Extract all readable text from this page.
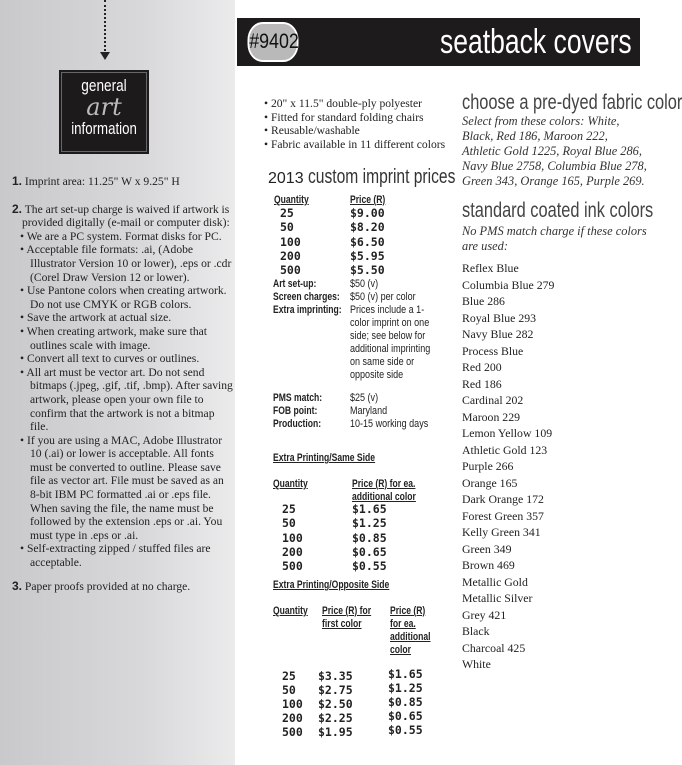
general
art
information
1. Imprint area: 11.25" W x 9.25" H
2. The art set-up charge is waived if artwork is provided digitally (e-mail or computer disk):
• We are a PC system. Format disks for PC.
• Acceptable file formats: .ai, (Adobe Illustrator Version 10 or lower), .eps or .cdr (Corel Draw Version 12 or lower).
• Use Pantone colors when creating artwork. Do not use CMYK or RGB colors.
• Save the artwork at actual size.
• When creating artwork, make sure that outlines scale with image.
• Convert all text to curves or outlines.
• All art must be vector art. Do not send bitmaps (.jpeg, .gif, .tif, .bmp). After saving artwork, please open your own file to confirm that the artwork is not a bitmap file.
• If you are using a MAC, Adobe Illustrator 10 (.ai) or lower is acceptable. All fonts must be converted to outline. Please save file as vector art. File must be saved as an 8-bit IBM PC formatted .ai or .eps file. When saving the file, the name must be followed by the extension .eps or .ai. You must type in .eps or .ai.
• Self-extracting zipped / stuffed files are acceptable.
3. Paper proofs provided at no charge.
#9402	seatback covers
• 20" x 11.5" double-ply polyester
• Fitted for standard folding chairs
• Reusable/washable
• Fabric available in 11 different colors
2013 custom imprint prices
Quantity	Price (R)
25	$9.00
50	$8.20
100	$6.50
200	$5.95
500	$5.50
Art set-up:	$50 (v)
Screen charges: $50 (v) per color
Extra imprinting: Prices include a 1-color imprint on one side; see below for additional imprinting on same side or opposite side
PMS match:	$25 (v)
FOB point:	Maryland
Production:	10-15 working days
Extra Printing/Same Side
Quantity	Price (R) for ea. additional color
25	$1.65
50	$1.25
100	$0.85
200	$0.65
500	$0.55
Extra Printing/Opposite Side
Quantity Price (R) for first color
Price (R) for ea. additional color
25 $3.35	$1.65
50 $2.75	$1.25
100 $2.50	$0.85
200 $2.25	$0.65
500 $1.95	$0.55
choose a pre-dyed fabric color
Select from these colors: White, Black, Red 186, Maroon 222, Athletic Gold 1225, Royal Blue 286, Navy Blue 2758, Columbia Blue 278, Green 343, Orange 165, Purple 269.
standard coated ink colors
No PMS match charge if these colors are used:
Reflex Blue
Columbia Blue 279
Blue 286
Royal Blue 293
Navy Blue 282
Process Blue
Red 200
Red 186
Cardinal 202
Maroon 229
Lemon Yellow 109
Athletic Gold 123
Purple 266
Orange 165
Dark Orange 172
Forest Green 357
Kelly Green 341
Green 349
Brown 469
Metallic Gold
Metallic Silver
Grey 421
Black
Charcoal 425
White
